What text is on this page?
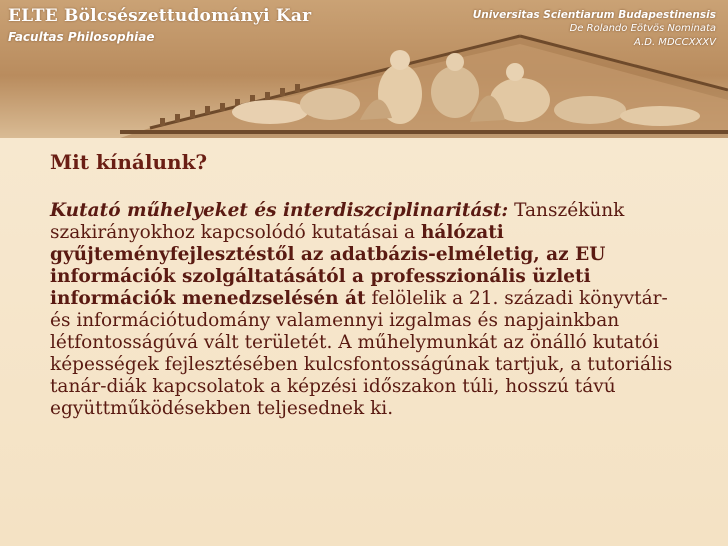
ELTE Bölcsészettudományi Kar
Facultas Philosophiae
Universitas Scientiarum Budapestinensis
De Rolando Eötvös Nominata
A.D. MDCCXXXV
Mit kínálunk?
Kutató műhelyeket és interdiszciplinaritást: Tanszékünk szakirányokhoz kapcsolódó kutatásai a hálózati gyűjteményfejlesztéstől az adatbázis-elméletig, az EU információk szolgáltatásától a professzionális üzleti információk menedzselésén át felölelik a 21. századi könyvtár- és információtudomány valamennyi izgalmas és napjainkban létfontosságúvá vált területét. A műhelymunkát az önálló kutatói képességek fejlesztésében kulcsfontosságúnak tartjuk, a tutoriális tanár-diák kapcsolatok a képzési időszakon túli, hosszú távú együttműködésekben teljesednek ki.
